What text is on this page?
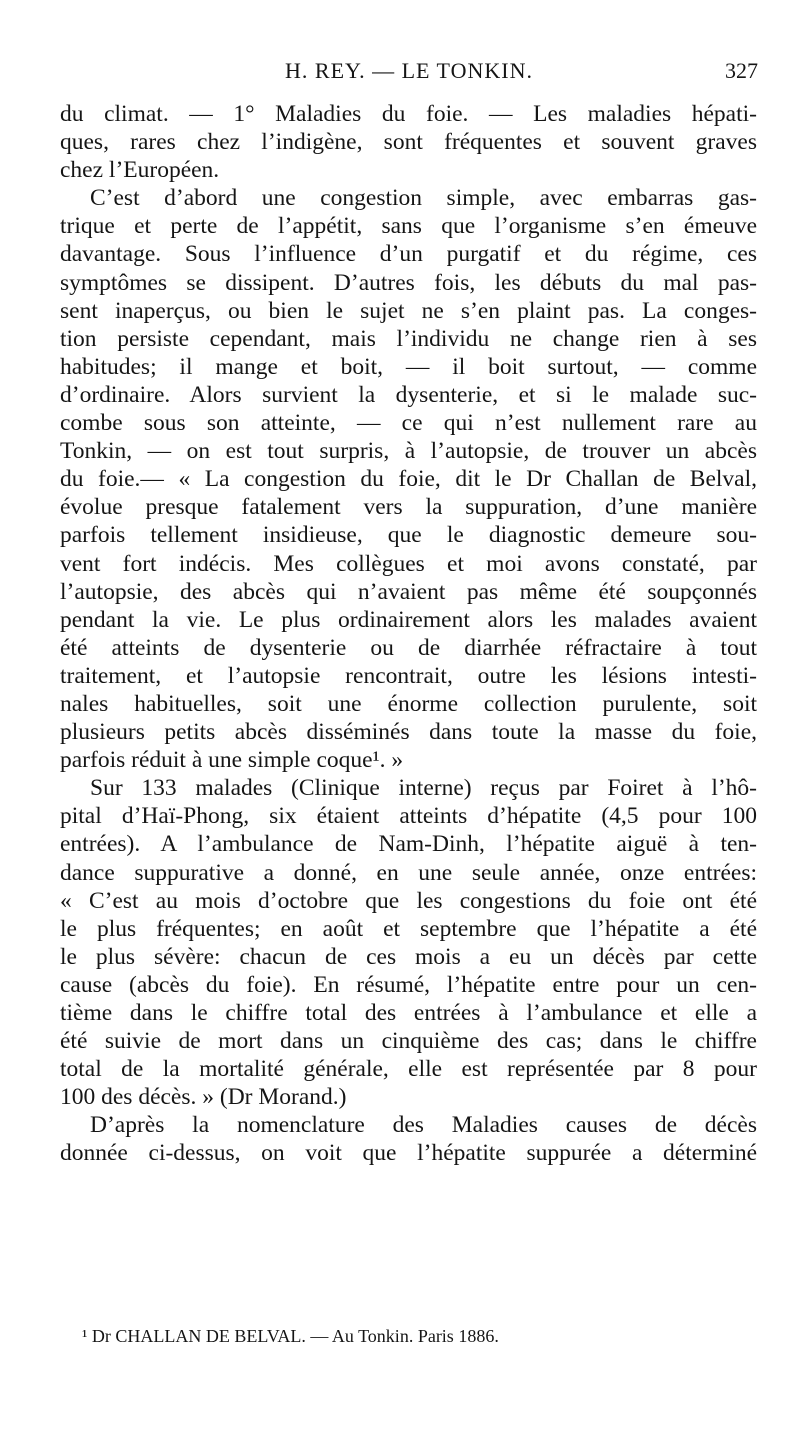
H. REY. — LE TONKIN.	327
du climat. — 1° Maladies du foie. — Les maladies hépati-
ques, rares chez l’indigène, sont fréquentes et souvent graves
chez l’Européen.
C’est d’abord une congestion simple, avec embarras gas-
trique et perte de l’appétit, sans que l’organisme s’en émeuve
davantage. Sous l’influence d’un purgatif et du régime, ces
symptômes se dissipent. D’autres fois, les débuts du mal pas-
sent inaperçus, ou bien le sujet ne s’en plaint pas. La conges-
tion persiste cependant, mais l’individu ne change rien à ses
habitudes; il mange et boit, — il boit surtout, — comme
d’ordinaire. Alors survient la dysenterie, et si le malade suc-
combe sous son atteinte, — ce qui n’est nullement rare au
Tonkin, — on est tout surpris, à l’autopsie, de trouver un abcès
du foie.— « La congestion du foie, dit le Dr Challan de Belval,
évolue presque fatalement vers la suppuration, d’une manière
parfois tellement insidieuse, que le diagnostic demeure sou-
vent fort indécis. Mes collègues et moi avons constaté, par
l’autopsie, des abcès qui n’avaient pas même été soupçonnés
pendant la vie. Le plus ordinairement alors les malades avaient
été atteints de dysenterie ou de diarrhée réfractaire à tout
traitement, et l’autopsie rencontrait, outre les lésions intesti-
nales habituelles, soit une énorme collection purulente, soit
plusieurs petits abcès disséminés dans toute la masse du foie,
parfois réduit à une simple coque¹. »
Sur 133 malades (Clinique interne) reçus par Foiret à l’hô-
pital d’Haï-Phong, six étaient atteints d’hépatite (4,5 pour 100
entrées). A l’ambulance de Nam-Dinh, l’hépatite aiguë à ten-
dance suppurative a donné, en une seule année, onze entrées:
« C’est au mois d’octobre que les congestions du foie ont été
le plus fréquentes; en août et septembre que l’hépatite a été
le plus sévère: chacun de ces mois a eu un décès par cette
cause (abcès du foie). En résumé, l’hépatite entre pour un cen-
tième dans le chiffre total des entrées à l’ambulance et elle a
été suivie de mort dans un cinquième des cas; dans le chiffre
total de la mortalité générale, elle est représentée par 8 pour
100 des décès. » (Dr Morand.)
D’après la nomenclature des Maladies causes de décès
donnée ci-dessus, on voit que l’hépatite suppurée a déterminé
¹ Dr CHALLAN DE BELVAL. — Au Tonkin. Paris 1886.
